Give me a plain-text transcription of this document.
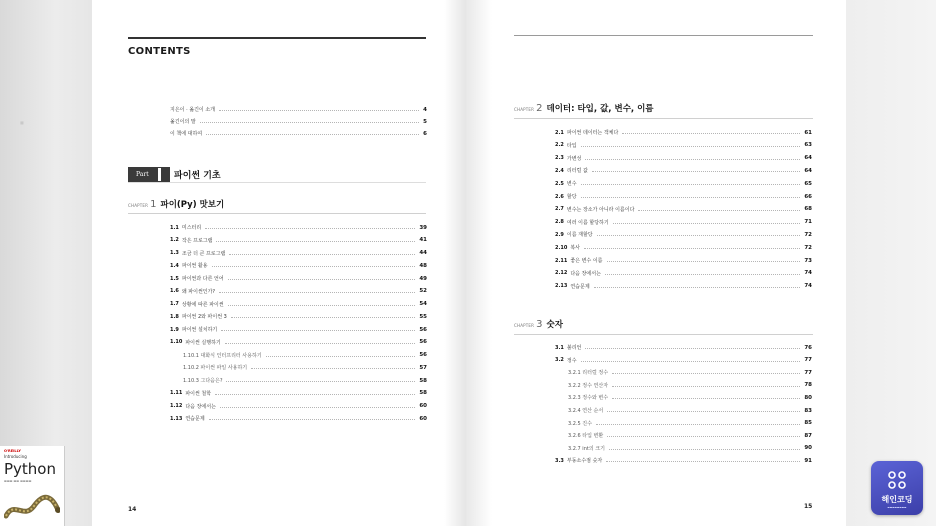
■
CONTENTS
지은이 · 옮긴이 소개	4
옮긴이의 말	5
이 책에 대하여	6
Part	파이썬 기초
CHAPTER 1 파이(Py) 맛보기
1.1 미스터리	39
1.2 작은 프로그램	41
1.3 조금 더 큰 프로그램	44
1.4 파이썬 활용	48
1.5 파이썬과 다른 언어	49
1.6 왜 파이썬인가?	52
1.7 상황에 따른 파이썬	54
1.8 파이썬 2와 파이썬 3	55
1.9 파이썬 설치하기	56
1.10 파이썬 실행하기	56
1.10.1 대화식 인터프리터 사용하기	56
1.10.2 파이썬 파일 사용하기	57
1.10.3 그다음은?	58
1.11 파이썬 철학	58
1.12 다음 장에서는	60
1.13 연습문제	60
14
CHAPTER 2 데이터: 타입, 값, 변수, 이름
2.1 파이썬 데이터는 객체다	61
2.2 타입	63
2.3 가변성	64
2.4 리터럴 값	64
2.5 변수	65
2.6 할당	66
2.7 변수는 장소가 아니라 이름이다	68
2.8 여러 이름 할당하기	71
2.9 이름 재할당	72
2.10 복사	72
2.11 좋은 변수 이름	73
2.12 다음 장에서는	74
2.13 연습문제	74
CHAPTER 3 숫자
3.1 불리언	76
3.2 정수	77
3.2.1 리터럴 정수	77
3.2.2 정수 연산자	78
3.2.3 정수와 변수	80
3.2.4 연산 순서	83
3.2.5 진수	85
3.2.6 타입 변환	87
3.2.7 int의 크기	90
3.3 부동소수점 숫자	91
15
O'REILLY
Introducing
Python
▬▬▬ ▬▬ ▬▬▬▬
해인코딩
▬▬▬▬▬▬▬▬
